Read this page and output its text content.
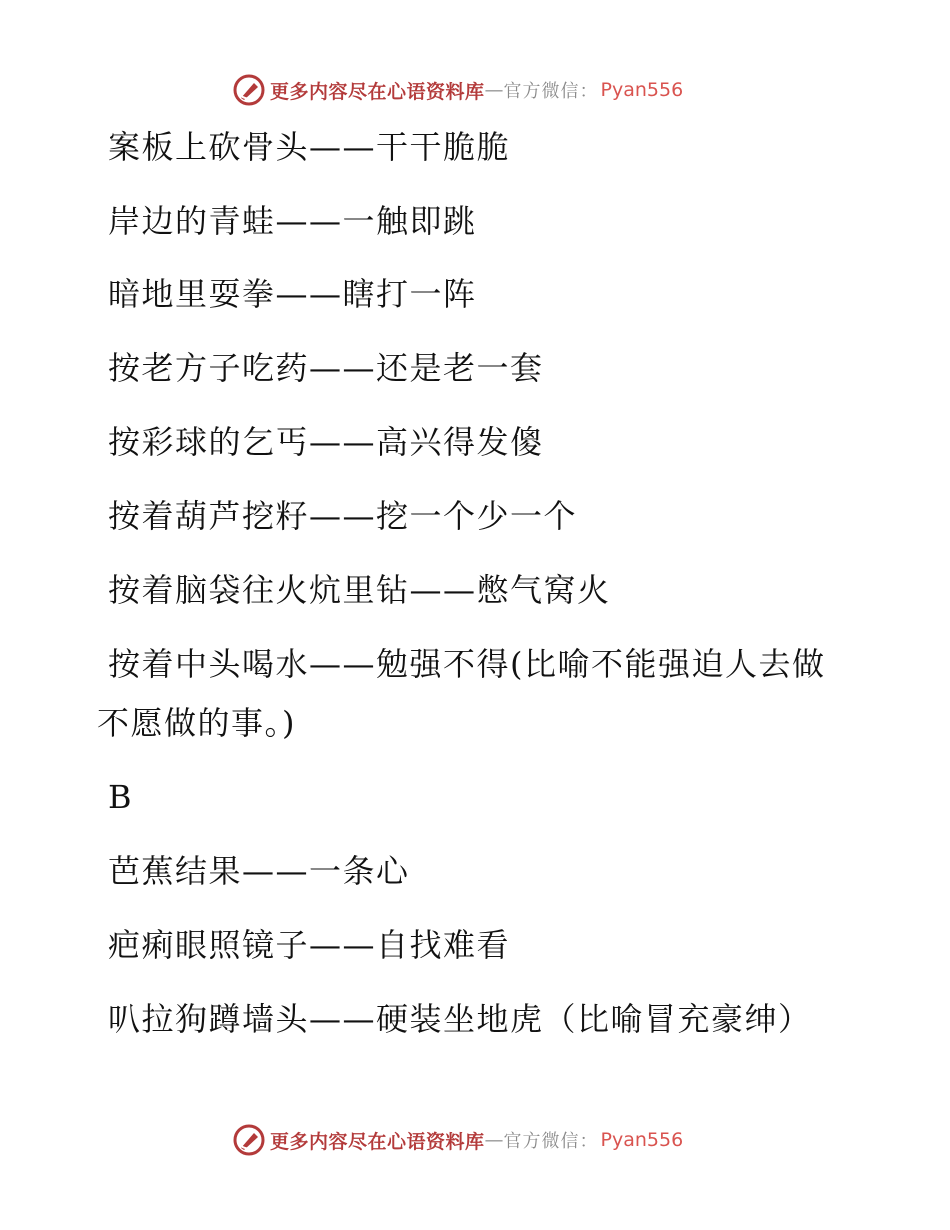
更多内容尽在心语资料库 — 官方微信： Pyan556
案板上砍骨头——干干脆脆
岸边的青蛙——一触即跳
暗地里耍拳——瞎打一阵
按老方子吃药——还是老一套
按彩球的乞丐——高兴得发傻
按着葫芦挖籽——挖一个少一个
按着脑袋往火炕里钻——憋气窝火
按着中头喝水——勉强不得(比喻不能强迫人去做
不愿做的事。)
B
芭蕉结果——一条心
疤痢眼照镜子——自找难看
叭拉狗蹲墙头——硬装坐地虎（比喻冒充豪绅）
更多内容尽在心语资料库 — 官方微信： Pyan556
